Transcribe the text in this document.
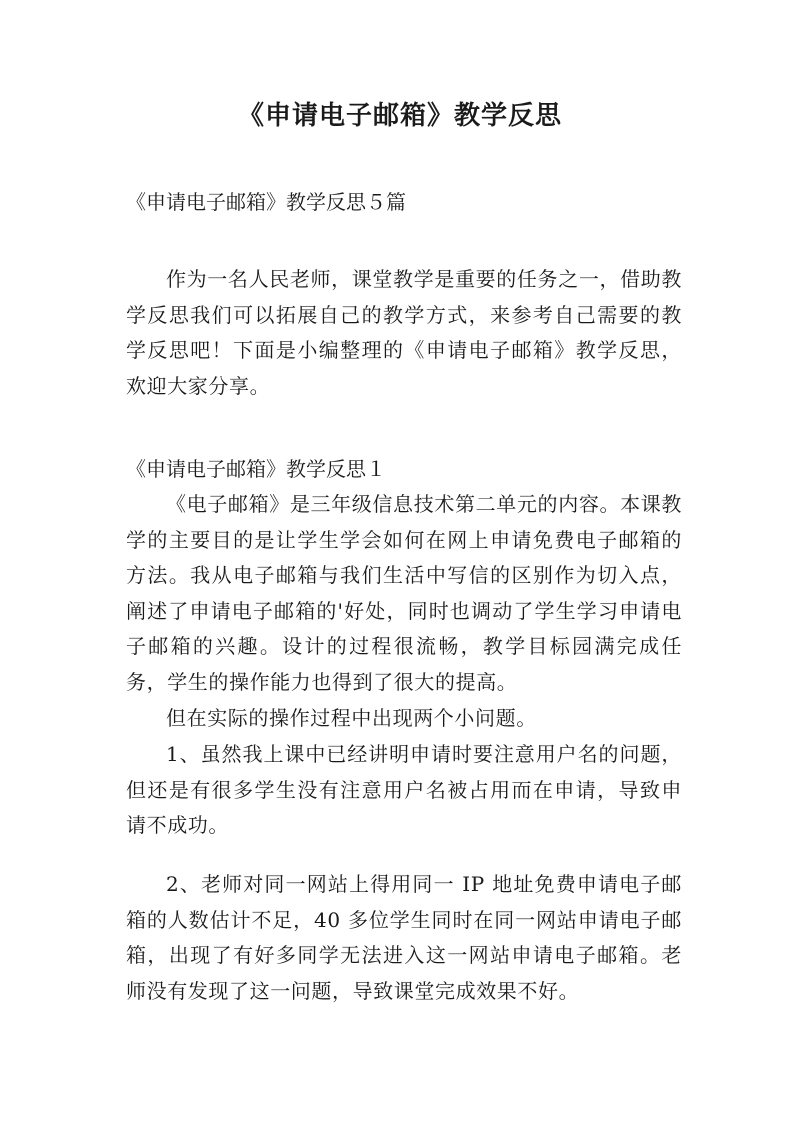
《申请电子邮箱》教学反思
《申请电子邮箱》教学反思５篇
作为一名人民老师，课堂教学是重要的任务之一，借助教学反思我们可以拓展自己的教学方式，来参考自己需要的教学反思吧！下面是小编整理的《申请电子邮箱》教学反思，欢迎大家分享。
《申请电子邮箱》教学反思１
《电子邮箱》是三年级信息技术第二单元的内容。本课教学的主要目的是让学生学会如何在网上申请免费电子邮箱的方法。我从电子邮箱与我们生活中写信的区别作为切入点，阐述了申请电子邮箱的'好处，同时也调动了学生学习申请电子邮箱的兴趣。设计的过程很流畅，教学目标园满完成任务，学生的操作能力也得到了很大的提高。
但在实际的操作过程中出现两个小问题。
1、虽然我上课中已经讲明申请时要注意用户名的问题，但还是有很多学生没有注意用户名被占用而在申请，导致申请不成功。
2、老师对同一网站上得用同一 IP 地址免费申请电子邮箱的人数估计不足，40 多位学生同时在同一网站申请电子邮箱，出现了有好多同学无法进入这一网站申请电子邮箱。老师没有发现了这一问题，导致课堂完成效果不好。
